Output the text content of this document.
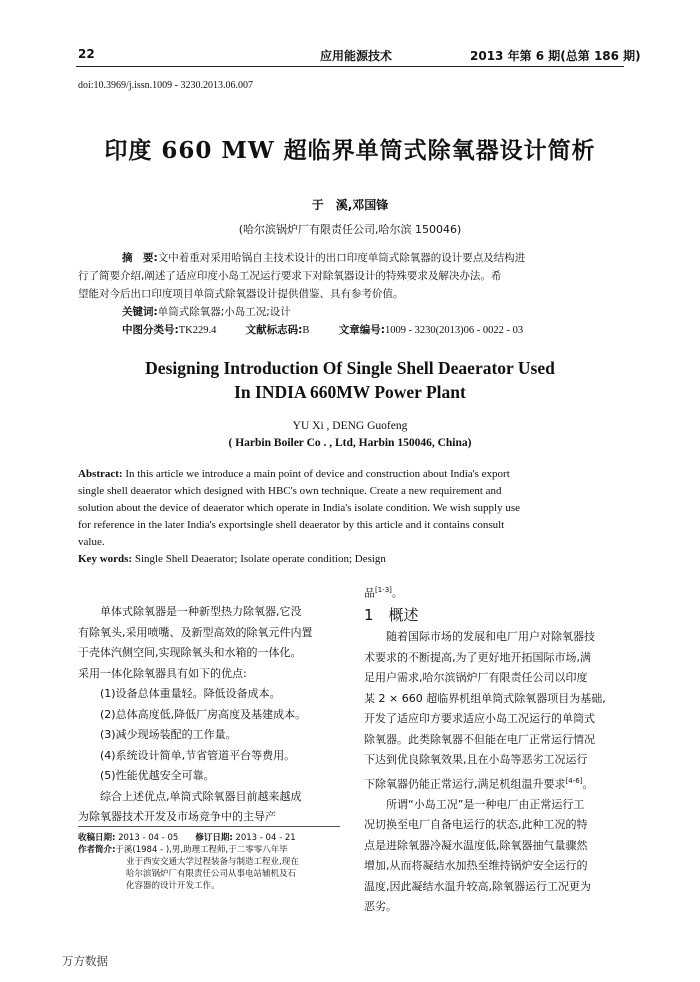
22	应用能源技术	2013 年第 6 期(总第 186 期)
doi:10.3969/j.issn.1009 - 3230.2013.06.007
印度 660 MW 超临界单筒式除氧器设计简析
于　溪,邓国锋
(哈尔滨锅炉厂有限责任公司,哈尔滨 150046)
摘　要:文中着重对采用哈锅自主技术设计的出口印度单筒式除氧器的设计要点及结构进
行了简要介绍,阐述了适应印度小岛工况运行要求下对除氧器设计的特殊要求及解决办法。希
望能对今后出口印度项目单筒式除氧器设计提供借鉴、具有参考价值。
关键词:单筒式除氧器;小岛工况;设计
中图分类号:TK229.4	文献标志码:B	文章编号:1009 - 3230(2013)06 - 0022 - 03
Designing Introduction Of Single Shell Deaerator Used
In INDIA 660MW Power Plant
YU Xi , DENG Guofeng
( Harbin Boiler Co . , Ltd, Harbin 150046, China)
Abstract: In this article we introduce a main point of device and construction about India's export
single shell deaerator which designed with HBC's own technique. Create a new requirement and
solution about the device of deaerator which operate in India's isolate condition. We wish supply use
for reference in the later India's exportsingle shell deaerator by this article and it contains consult
value.
Key words: Single Shell Deaerator; Isolate operate condition; Design

　　单体式除氧器是一种新型热力除氧器,它没

有除氧头,采用喷嘴、及新型高效的除氧元件内置

于壳体汽侧空间,实现除氧头和水箱的一体化。

采用一体化除氧器具有如下的优点:

　　(1)设备总体重量轻。降低设备成本。

　　(2)总体高度低,降低厂房高度及基建成本。

　　(3)减少现场装配的工作量。

　　(4)系统设计简单,节省管道平台等费用。

　　(5)性能优越安全可靠。

　　综合上述优点,单筒式除氧器目前越来越成

为除氧器技术开发及市场竞争中的主导产

收稿日期: 2013 - 04 - 05　　 修订日期: 2013 - 04 - 21

作者简介:于溪(1984 - ),男,助理工程师,于二零零八年毕

业于西安交通大学过程装备与制造工程业,现在

哈尔滨锅炉厂有限责任公司从事电站辅机及石

化容器的设计开发工作。

品[1-3]。

1　概述

　　随着国际市场的发展和电厂用户对除氧器技

术要求的不断提高,为了更好地开拓国际市场,满

足用户需求,哈尔滨锅炉厂有限责任公司以印度

某 2 × 660 超临界机组单筒式除氧器项目为基础,

开发了适应印方要求适应小岛工况运行的单筒式

除氧器。此类除氧器不但能在电厂正常运行情况

下达到优良除氧效果,且在小岛等恶劣工况运行

下除氧器仍能正常运行,满足机组温升要求[4-6]。

　　所谓“小岛工况”是一种电厂由正常运行工

况切换至电厂自备电运行的状态,此种工况的特

点是进除氧器冷凝水温度低,除氧器抽气量骤然

增加,从而将凝结水加热至维持锅炉安全运行的

温度,因此凝结水温升较高,除氧器运行工况更为

恶劣。

万方数据
